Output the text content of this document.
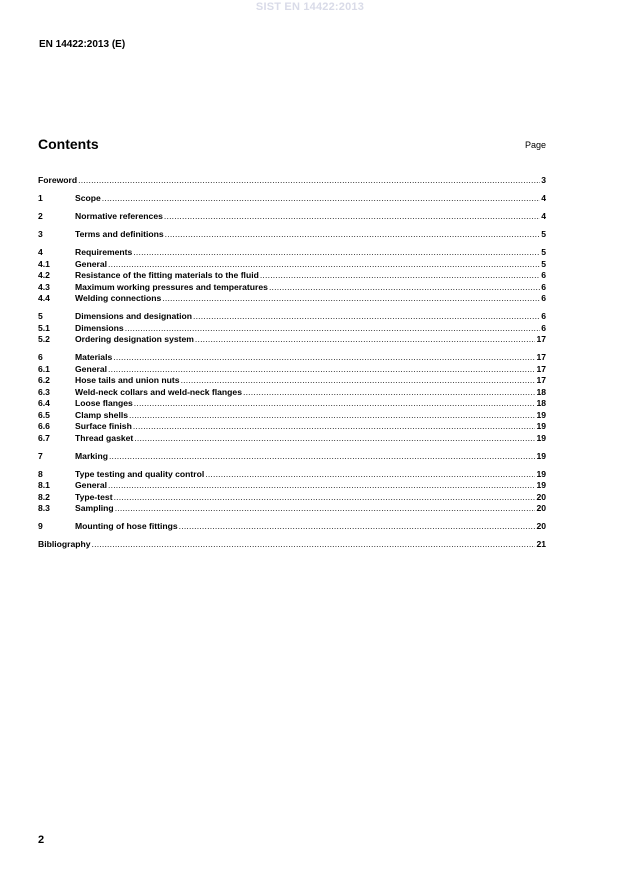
SIST EN 14422:2013
EN 14422:2013 (E)
Contents	Page
Foreword .....	3
1	Scope .....	4
2	Normative references .....	4
3	Terms and definitions .....	5
4	Requirements .....	5
4.1	General .....	5
4.2	Resistance of the fitting materials to the fluid .....	6
4.3	Maximum working pressures and temperatures .....	6
4.4	Welding connections .....	6
5	Dimensions and designation .....	6
5.1	Dimensions .....	6
5.2	Ordering designation system .....	17
6	Materials .....	17
6.1	General .....	17
6.2	Hose tails and union nuts .....	17
6.3	Weld-neck collars and weld-neck flanges .....	18
6.4	Loose flanges .....	18
6.5	Clamp shells .....	19
6.6	Surface finish .....	19
6.7	Thread gasket .....	19
7	Marking .....	19
8	Type testing and quality control .....	19
8.1	General .....	19
8.2	Type-test .....	20
8.3	Sampling .....	20
9	Mounting of hose fittings .....	20
Bibliography .....	21
2
